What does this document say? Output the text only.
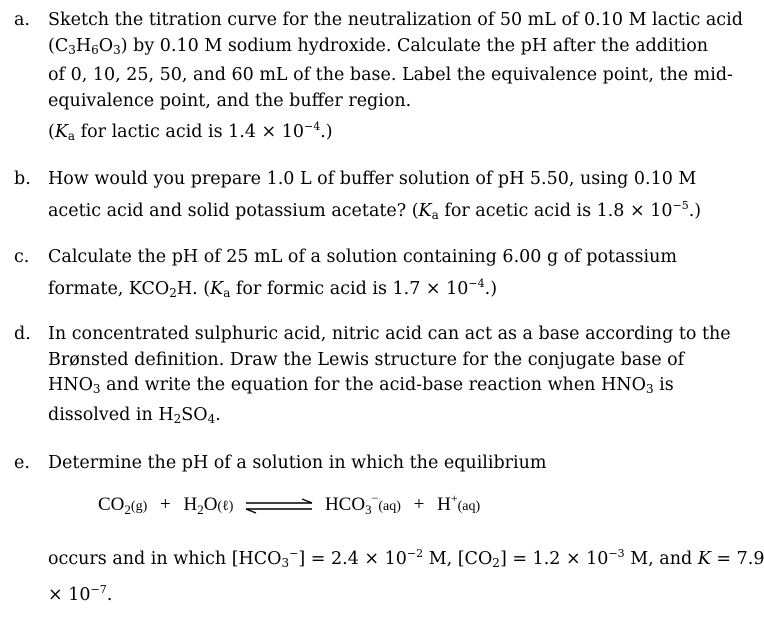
a. Sketch the titration curve for the neutralization of 50 mL of 0.10 M lactic acid
$(C_3H_6O_3)$ by 0.10 M sodium hydroxide. Calculate the pH after the addition
of 0, 10, 25, 50, and 60 mL of the base. Label the equivalence point, the mid-
equivalence point, and the buffer region.
($K_a$ for lactic acid is $1.4 \times 10^{-4}$.)
b. How would you prepare 1.0 L of buffer solution of pH 5.50, using 0.10 M
acetic acid and solid potassium acetate? ($K_a$ for acetic acid is $1.8 \times 10^{-5}$.)
c. Calculate the pH of 25 mL of a solution containing 6.00 g of potassium
formate, $KCO_2H$. ($K_a$ for formic acid is $1.7 \times 10^{-4}$.)
d. In concentrated sulphuric acid, nitric acid can act as a base according to the
Brønsted definition. Draw the Lewis structure for the conjugate base of
$HNO_3$ and write the equation for the acid-base reaction when $HNO_3$ is
dissolved in $H_2SO_4$.
e. Determine the pH of a solution in which the equilibrium
$CO_2(g)$ + $H_2O(\ell)$ ⇌ $HCO_3^-(aq) + H^+(aq)$
occurs and in which $[HCO_3^-] = 2.4 \times 10^{-2}$ M, $[CO_2] = 1.2 \times 10^{-3}$ M, and K = 7.9
× $10^{-7}$.
